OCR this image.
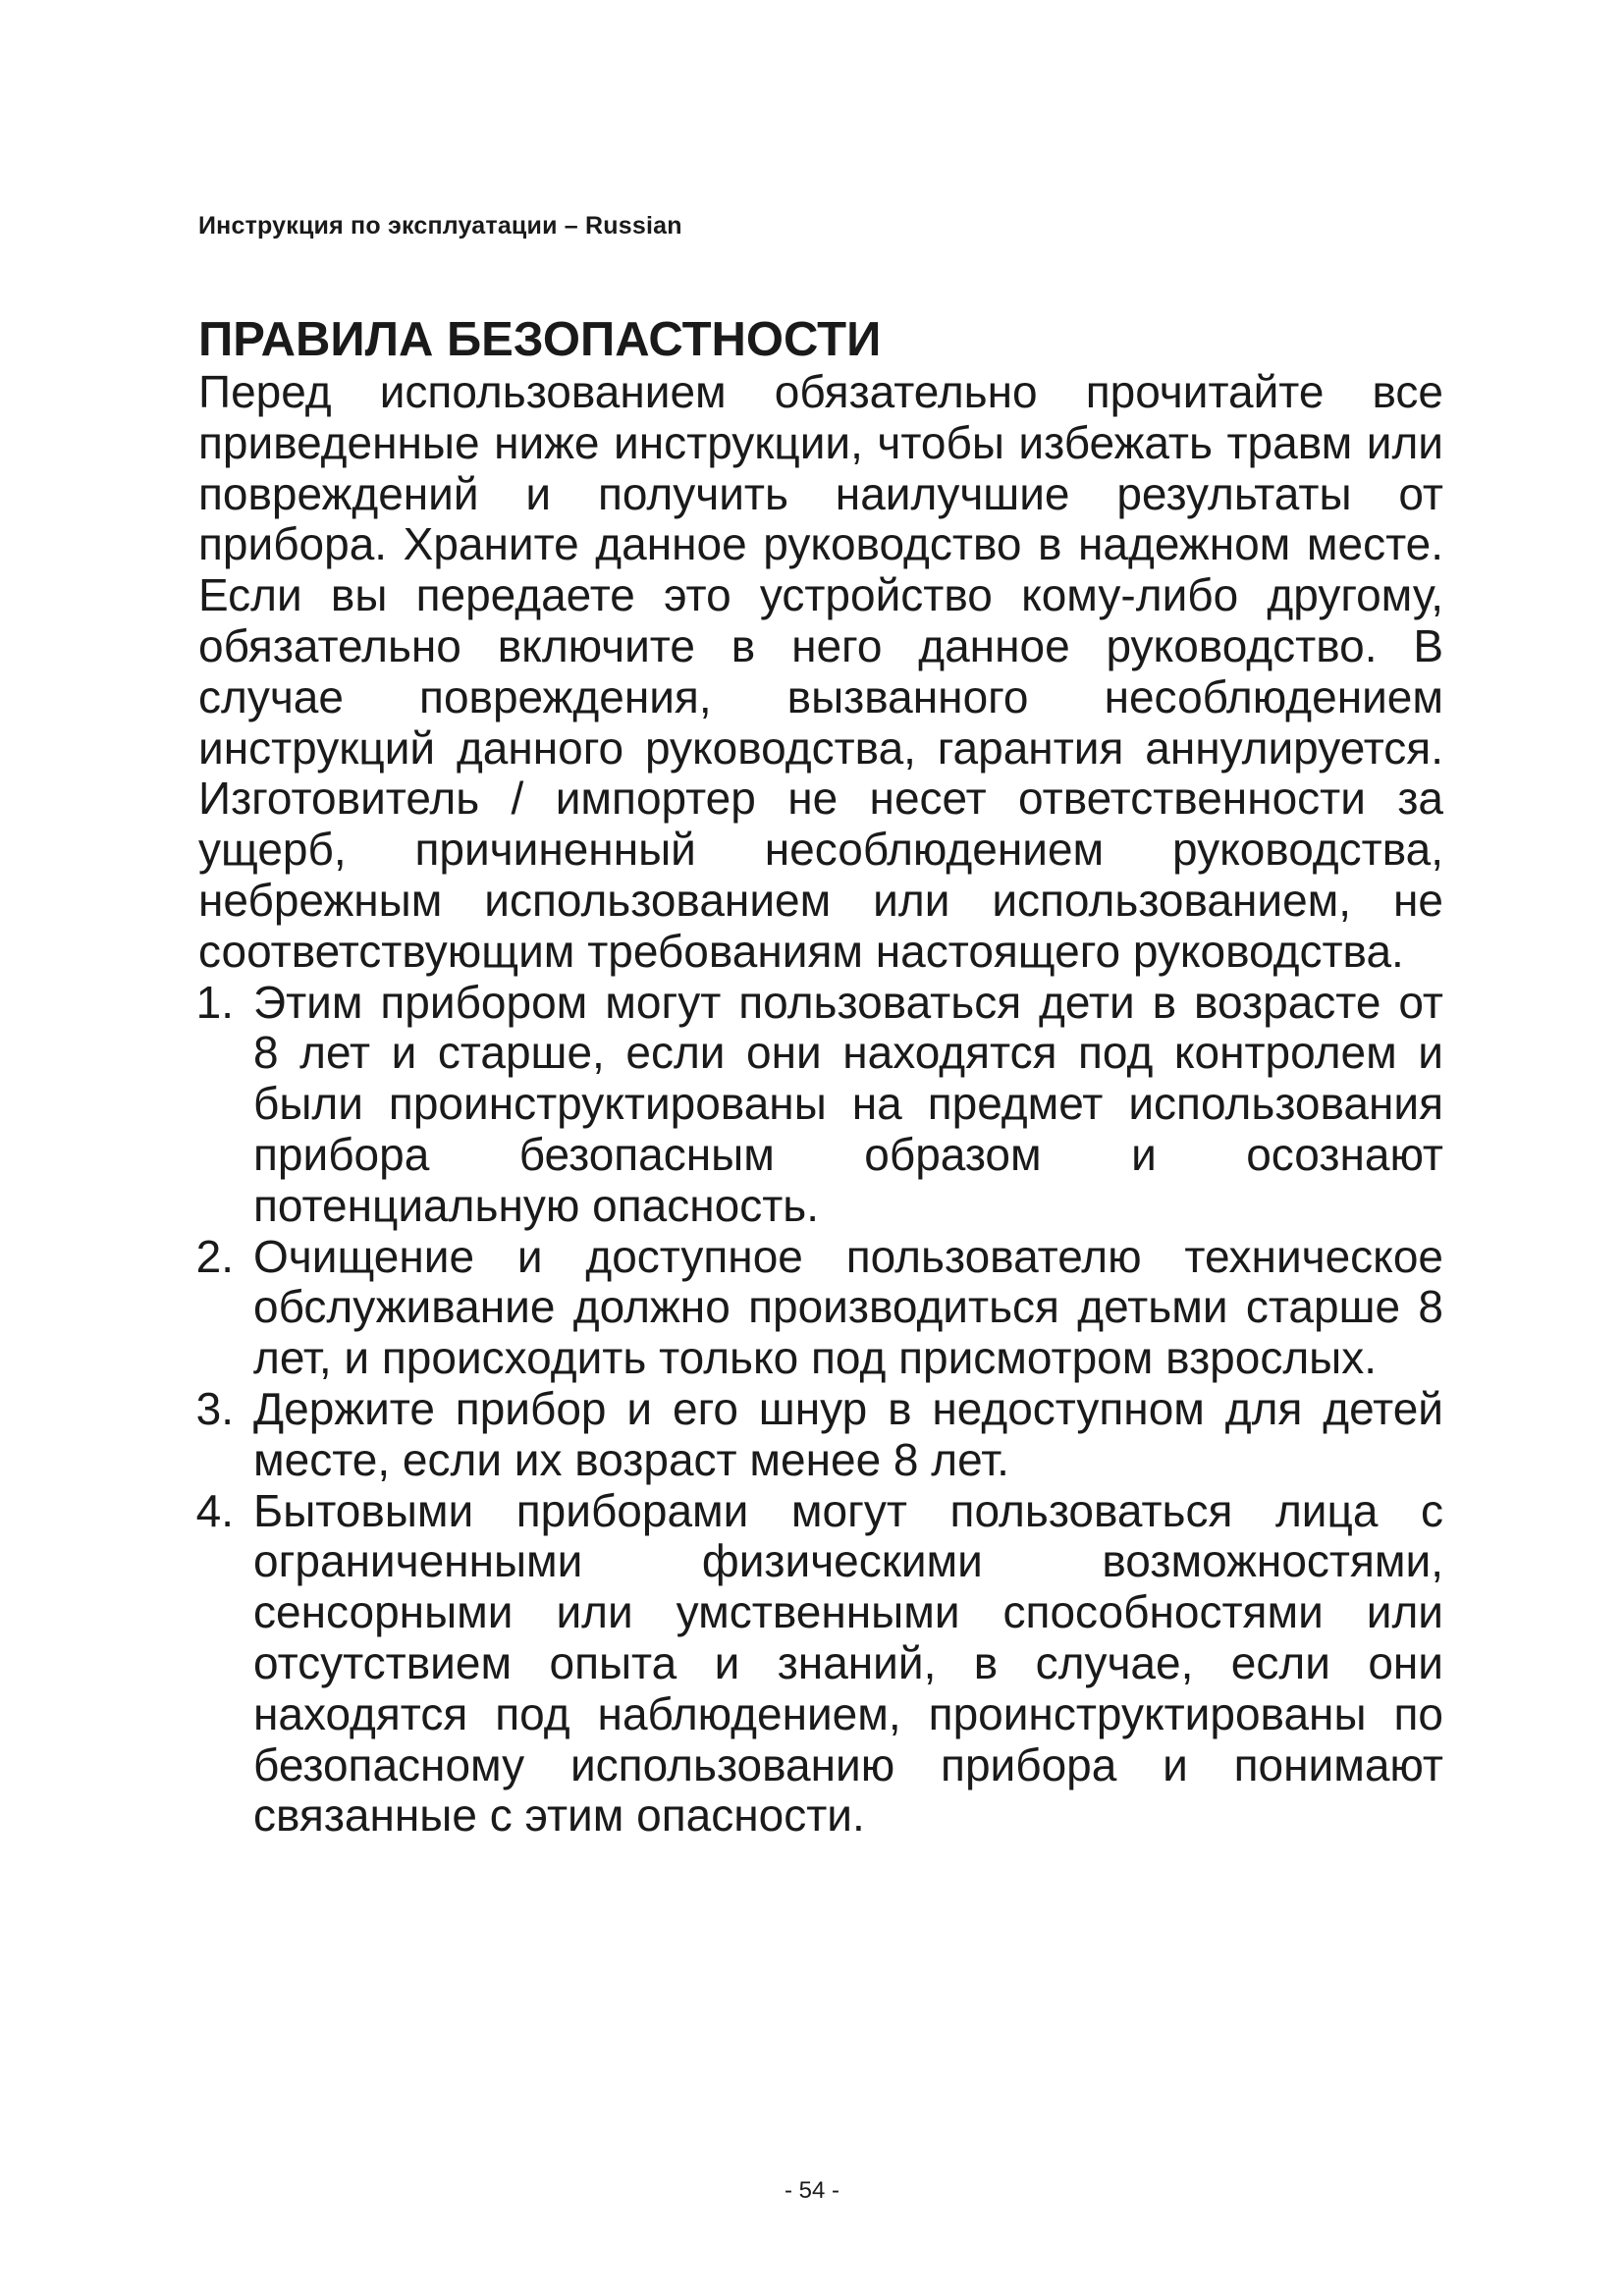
Инструкция по эксплуатации – Russian
ПРАВИЛА БЕЗОПАСТНОСТИ

Перед использованием обязательно прочитайте все приведенные ниже инструкции, чтобы избежать травм или повреждений и получить наилучшие результаты от прибора. Храните данное руководство в надежном месте. Если вы передаете это устройство кому-либо другому, обязательно включите в него данное руководство. В случае повреждения, вызванного несоблюдением инструкций данного руководства, гарантия аннулируется. Изготовитель / импортер не несет ответственности за ущерб, причиненный несоблюдением руководства, небрежным использованием или использованием, не соответствующим требованиям настоящего руководства.

1. Этим прибором могут пользоваться дети в возрасте от 8 лет и старше, если они находятся под контролем и были проинструктированы на предмет использования прибора безопасным образом и осознают потенциальную опасность.
2. Очищение и доступное пользователю техническое обслуживание должно производиться детьми старше 8 лет, и происходить только под присмотром взрослых.
3. Держите прибор и его шнур в недоступном для детей месте, если их возраст менее 8 лет.
4. Бытовыми приборами могут пользоваться лица с ограниченными физическими возможностями, сенсорными или умственными способностями или отсутствием опыта и знаний, в случае, если они находятся под наблюдением, проинструктированы по безопасному использованию прибора и понимают связанные с этим опасности.
- 54 -
